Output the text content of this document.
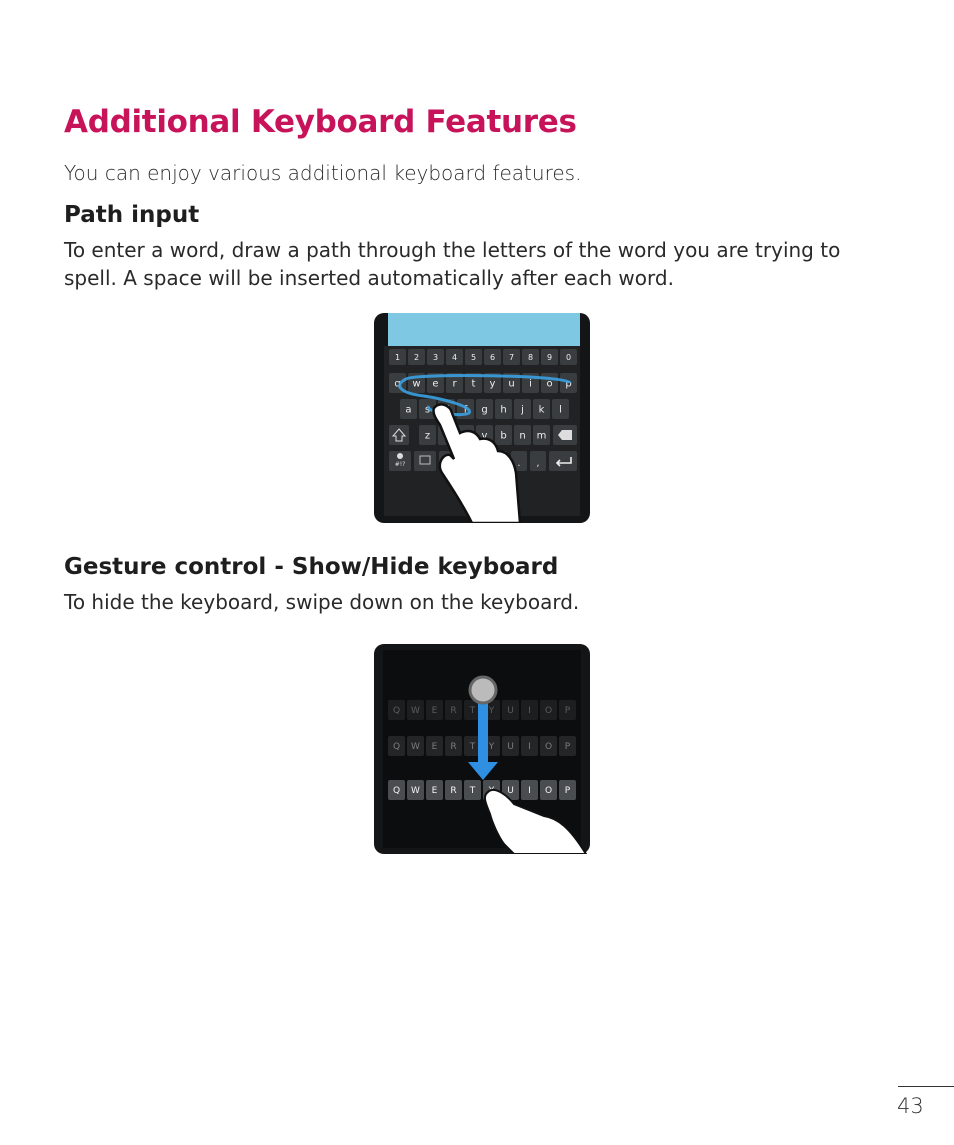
Additional Keyboard Features

You can enjoy various additional keyboard features.

Path input

To enter a word, draw a path through the letters of the word you are trying to spell. A space will be inserted automatically after each word.

1 2 3 4 5 6 7 8 9 0
q w e r t y u i o p
a s	f g h j k l
z	v b n m
#!?	. ,
Gesture control - Show/Hide keyboard

To hide the keyboard, swipe down on the keyboard.

Q W E R T Y U I O P
Q W E R T Y U I O P
Q W E R T	U I O P
43
